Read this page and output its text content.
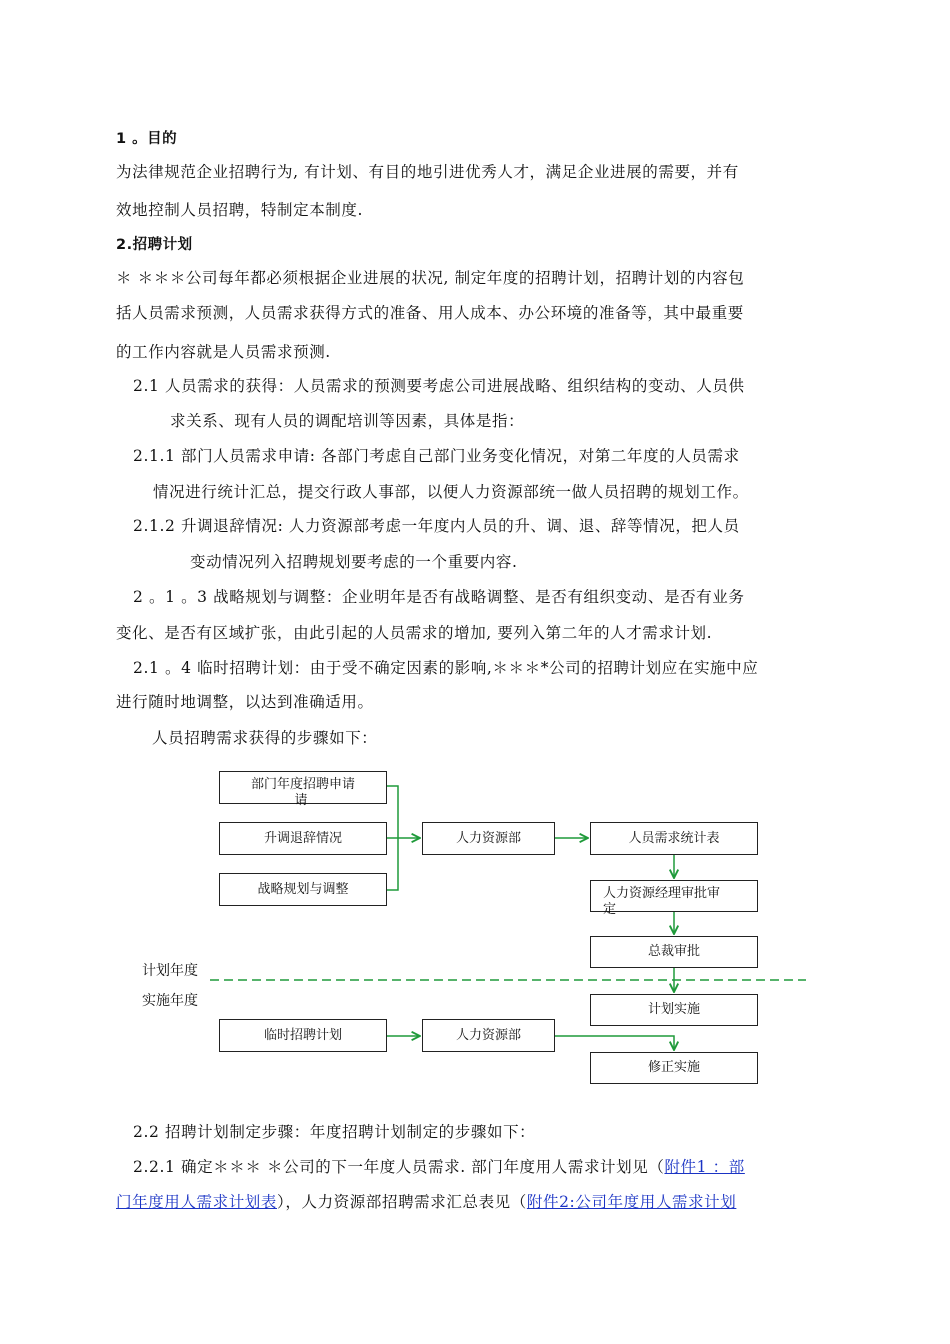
1 。目的
为法律规范企业招聘行为, 有计划、有目的地引进优秀人才，满足企业进展的需要，并有
效地控制人员招聘，特制定本制度.
2.招聘计划
＊ ＊＊＊公司每年都必须根据企业进展的状况, 制定年度的招聘计划，招聘计划的内容包
括人员需求预测，人员需求获得方式的准备、用人成本、办公环境的准备等，其中最重要
的工作内容就是人员需求预测.
2.1 人员需求的获得：人员需求的预测要考虑公司进展战略、组织结构的变动、人员供
求关系、现有人员的调配培训等因素，具体是指：
2.1.1 部门人员需求申请: 各部门考虑自己部门业务变化情况，对第二年度的人员需求
情况进行统计汇总，提交行政人事部，以便人力资源部统一做人员招聘的规划工作。
2.1.2 升调退辞情况: 人力资源部考虑一年度内人员的升、调、退、辞等情况，把人员
变动情况列入招聘规划要考虑的一个重要内容.
2 。1 。3 战略规划与调整：企业明年是否有战略调整、是否有组织变动、是否有业务
变化、是否有区域扩张，由此引起的人员需求的增加, 要列入第二年的人才需求计划.
2.1 。4 临时招聘计划：由于受不确定因素的影响,＊＊＊*公司的招聘计划应在实施中应
进行随时地调整，以达到准确适用。
人员招聘需求获得的步骤如下：
部门年度招聘申请
请
升调退辞情况
战略规划与调整
人力资源部	人员需求统计表
人力资源经理审批审
定
总裁审批
计划实施
临时招聘计划	人力资源部
修正实施
计划年度
实施年度
2.2 招聘计划制定步骤：年度招聘计划制定的步骤如下：
2.2.1 确定＊＊＊ ＊公司的下一年度人员需求. 部门年度用人需求计划见（附件1 ：部
门年度用人需求计划表），人力资源部招聘需求汇总表见（附件2:公司年度用人需求计划
